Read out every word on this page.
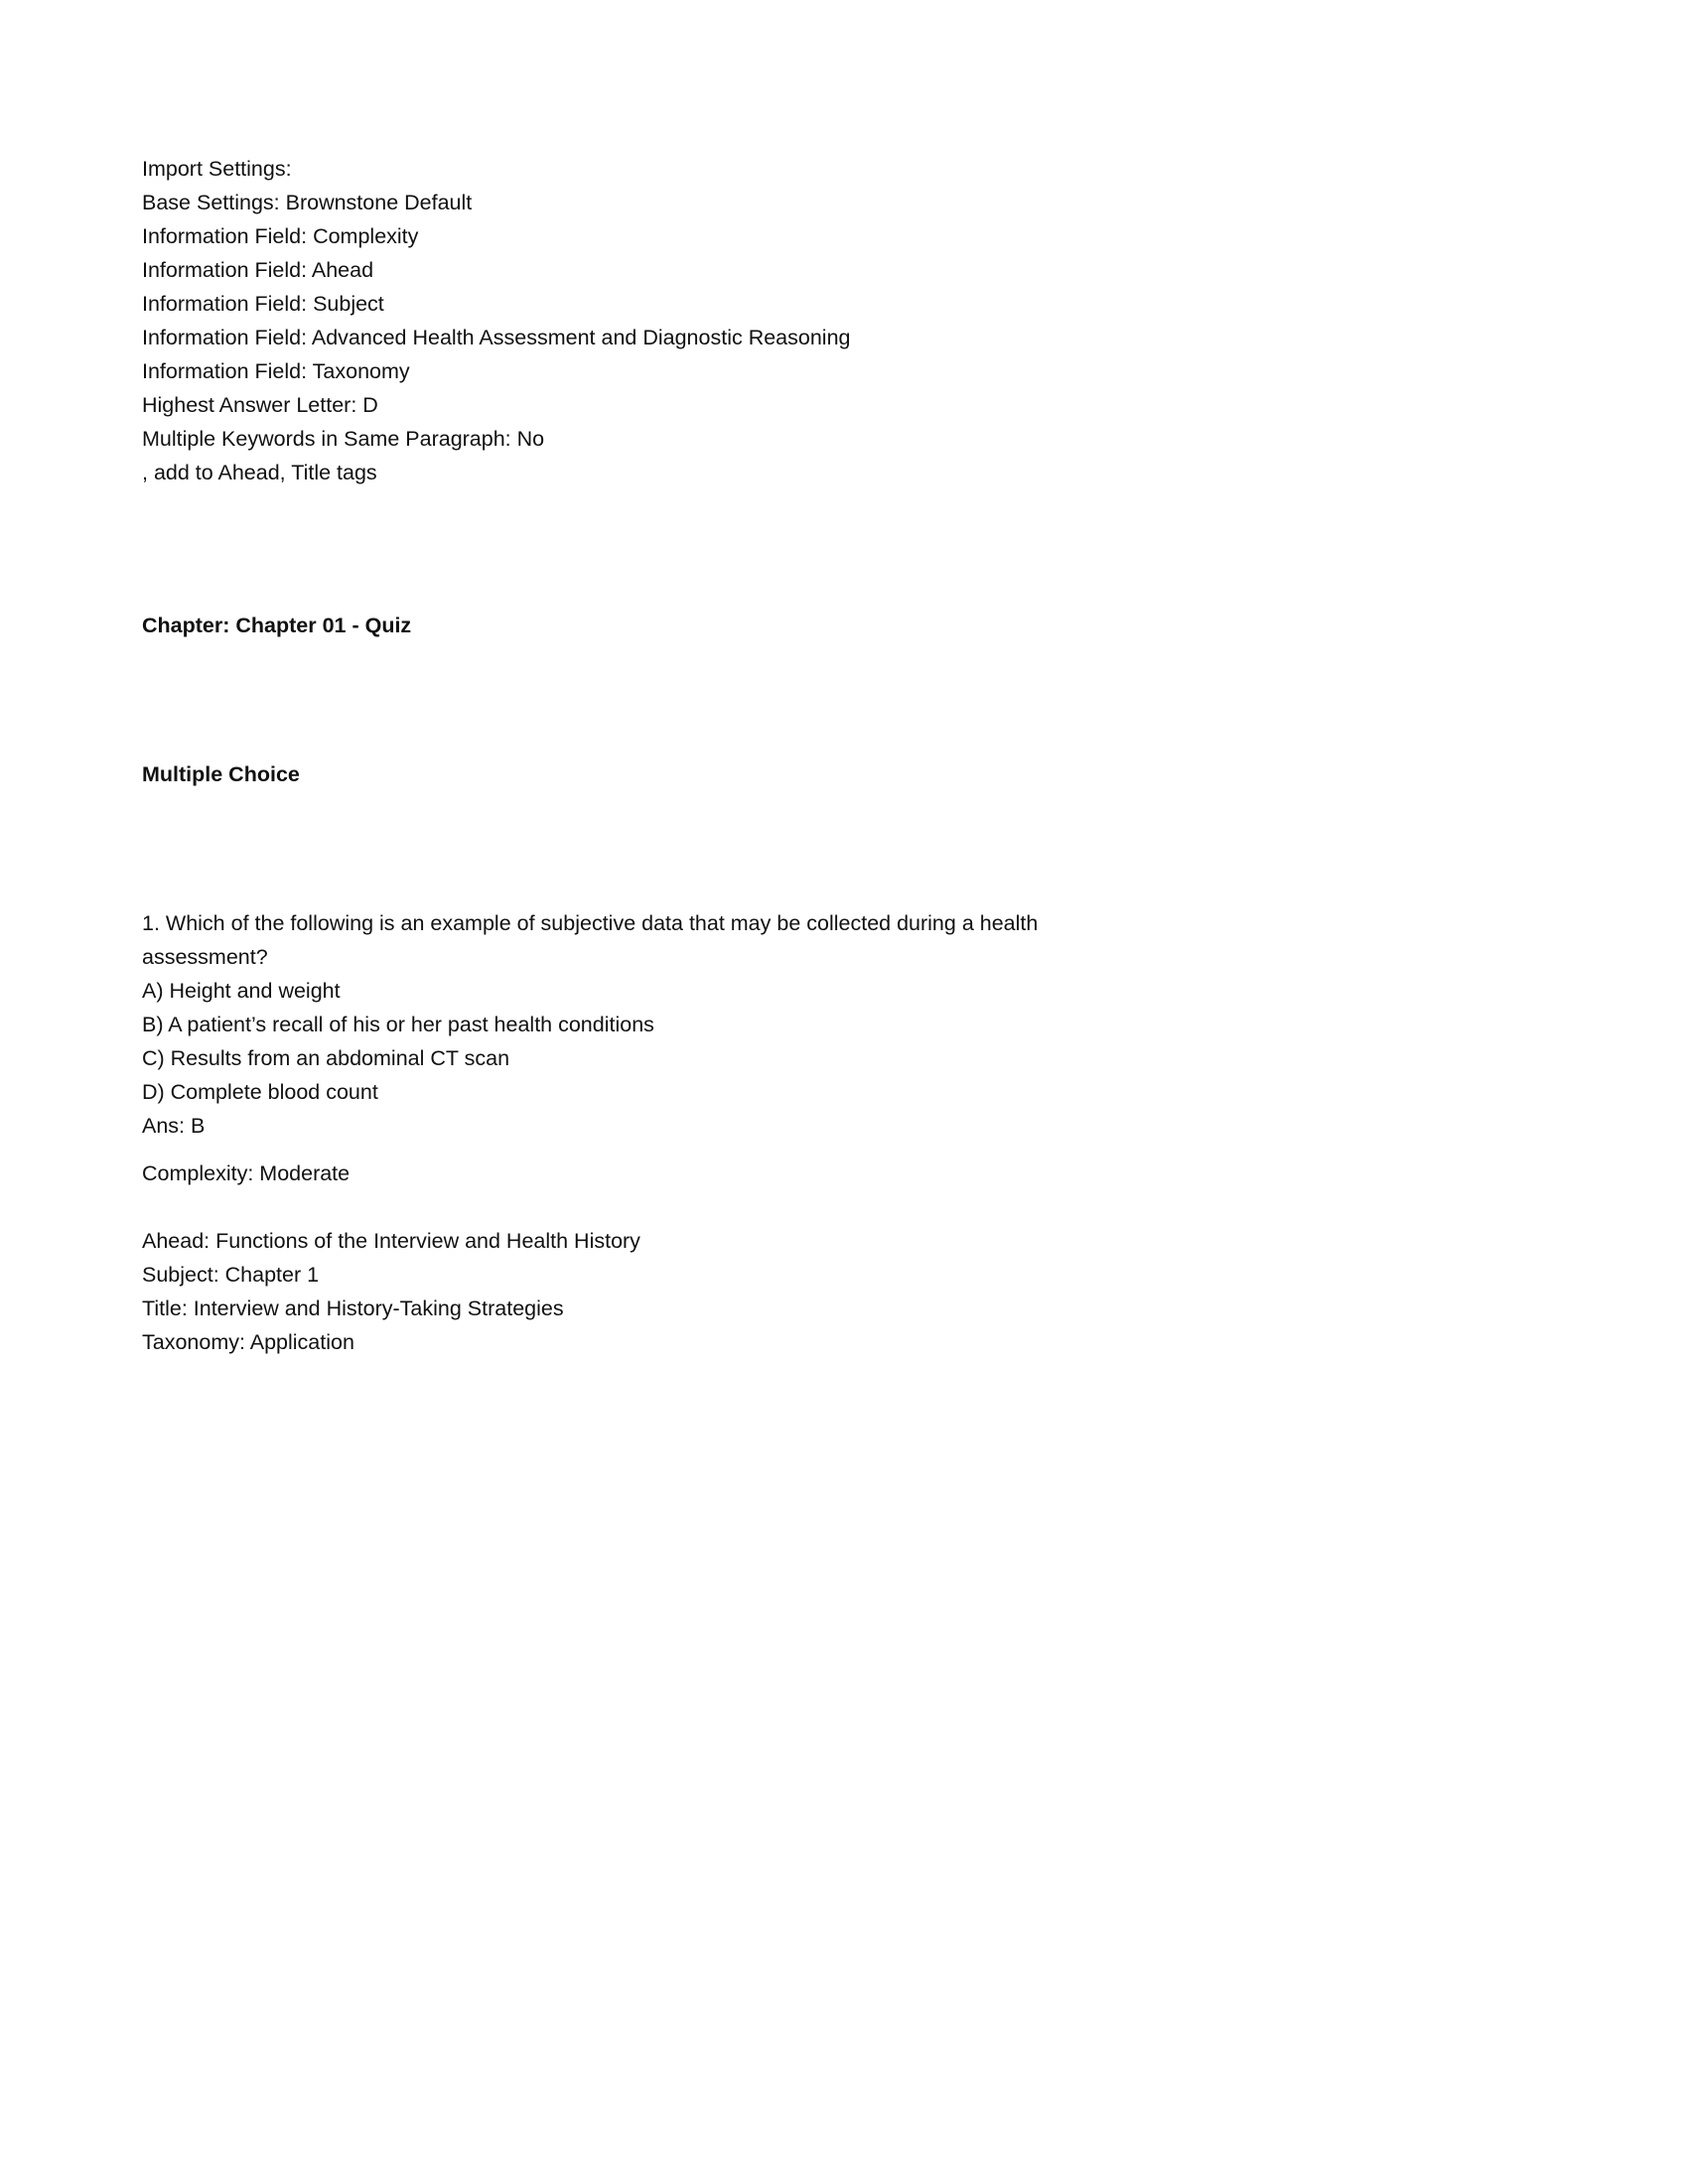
Import Settings:
Base Settings: Brownstone Default
Information Field: Complexity
Information Field: Ahead
Information Field: Subject
Information Field: Advanced Health Assessment and Diagnostic Reasoning
Information Field: Taxonomy
Highest Answer Letter: D
Multiple Keywords in Same Paragraph: No
, add to Ahead, Title tags
Chapter: Chapter 01 - Quiz
Multiple Choice
1. Which of the following is an example of subjective data that may be collected during a health
assessment?
A) Height and weight
B) A patient’s recall of his or her past health conditions
C) Results from an abdominal CT scan
D) Complete blood count
Ans: B
Complexity: Moderate
Ahead: Functions of the Interview and Health History
Subject: Chapter 1
Title: Interview and History-Taking Strategies
Taxonomy: Application
